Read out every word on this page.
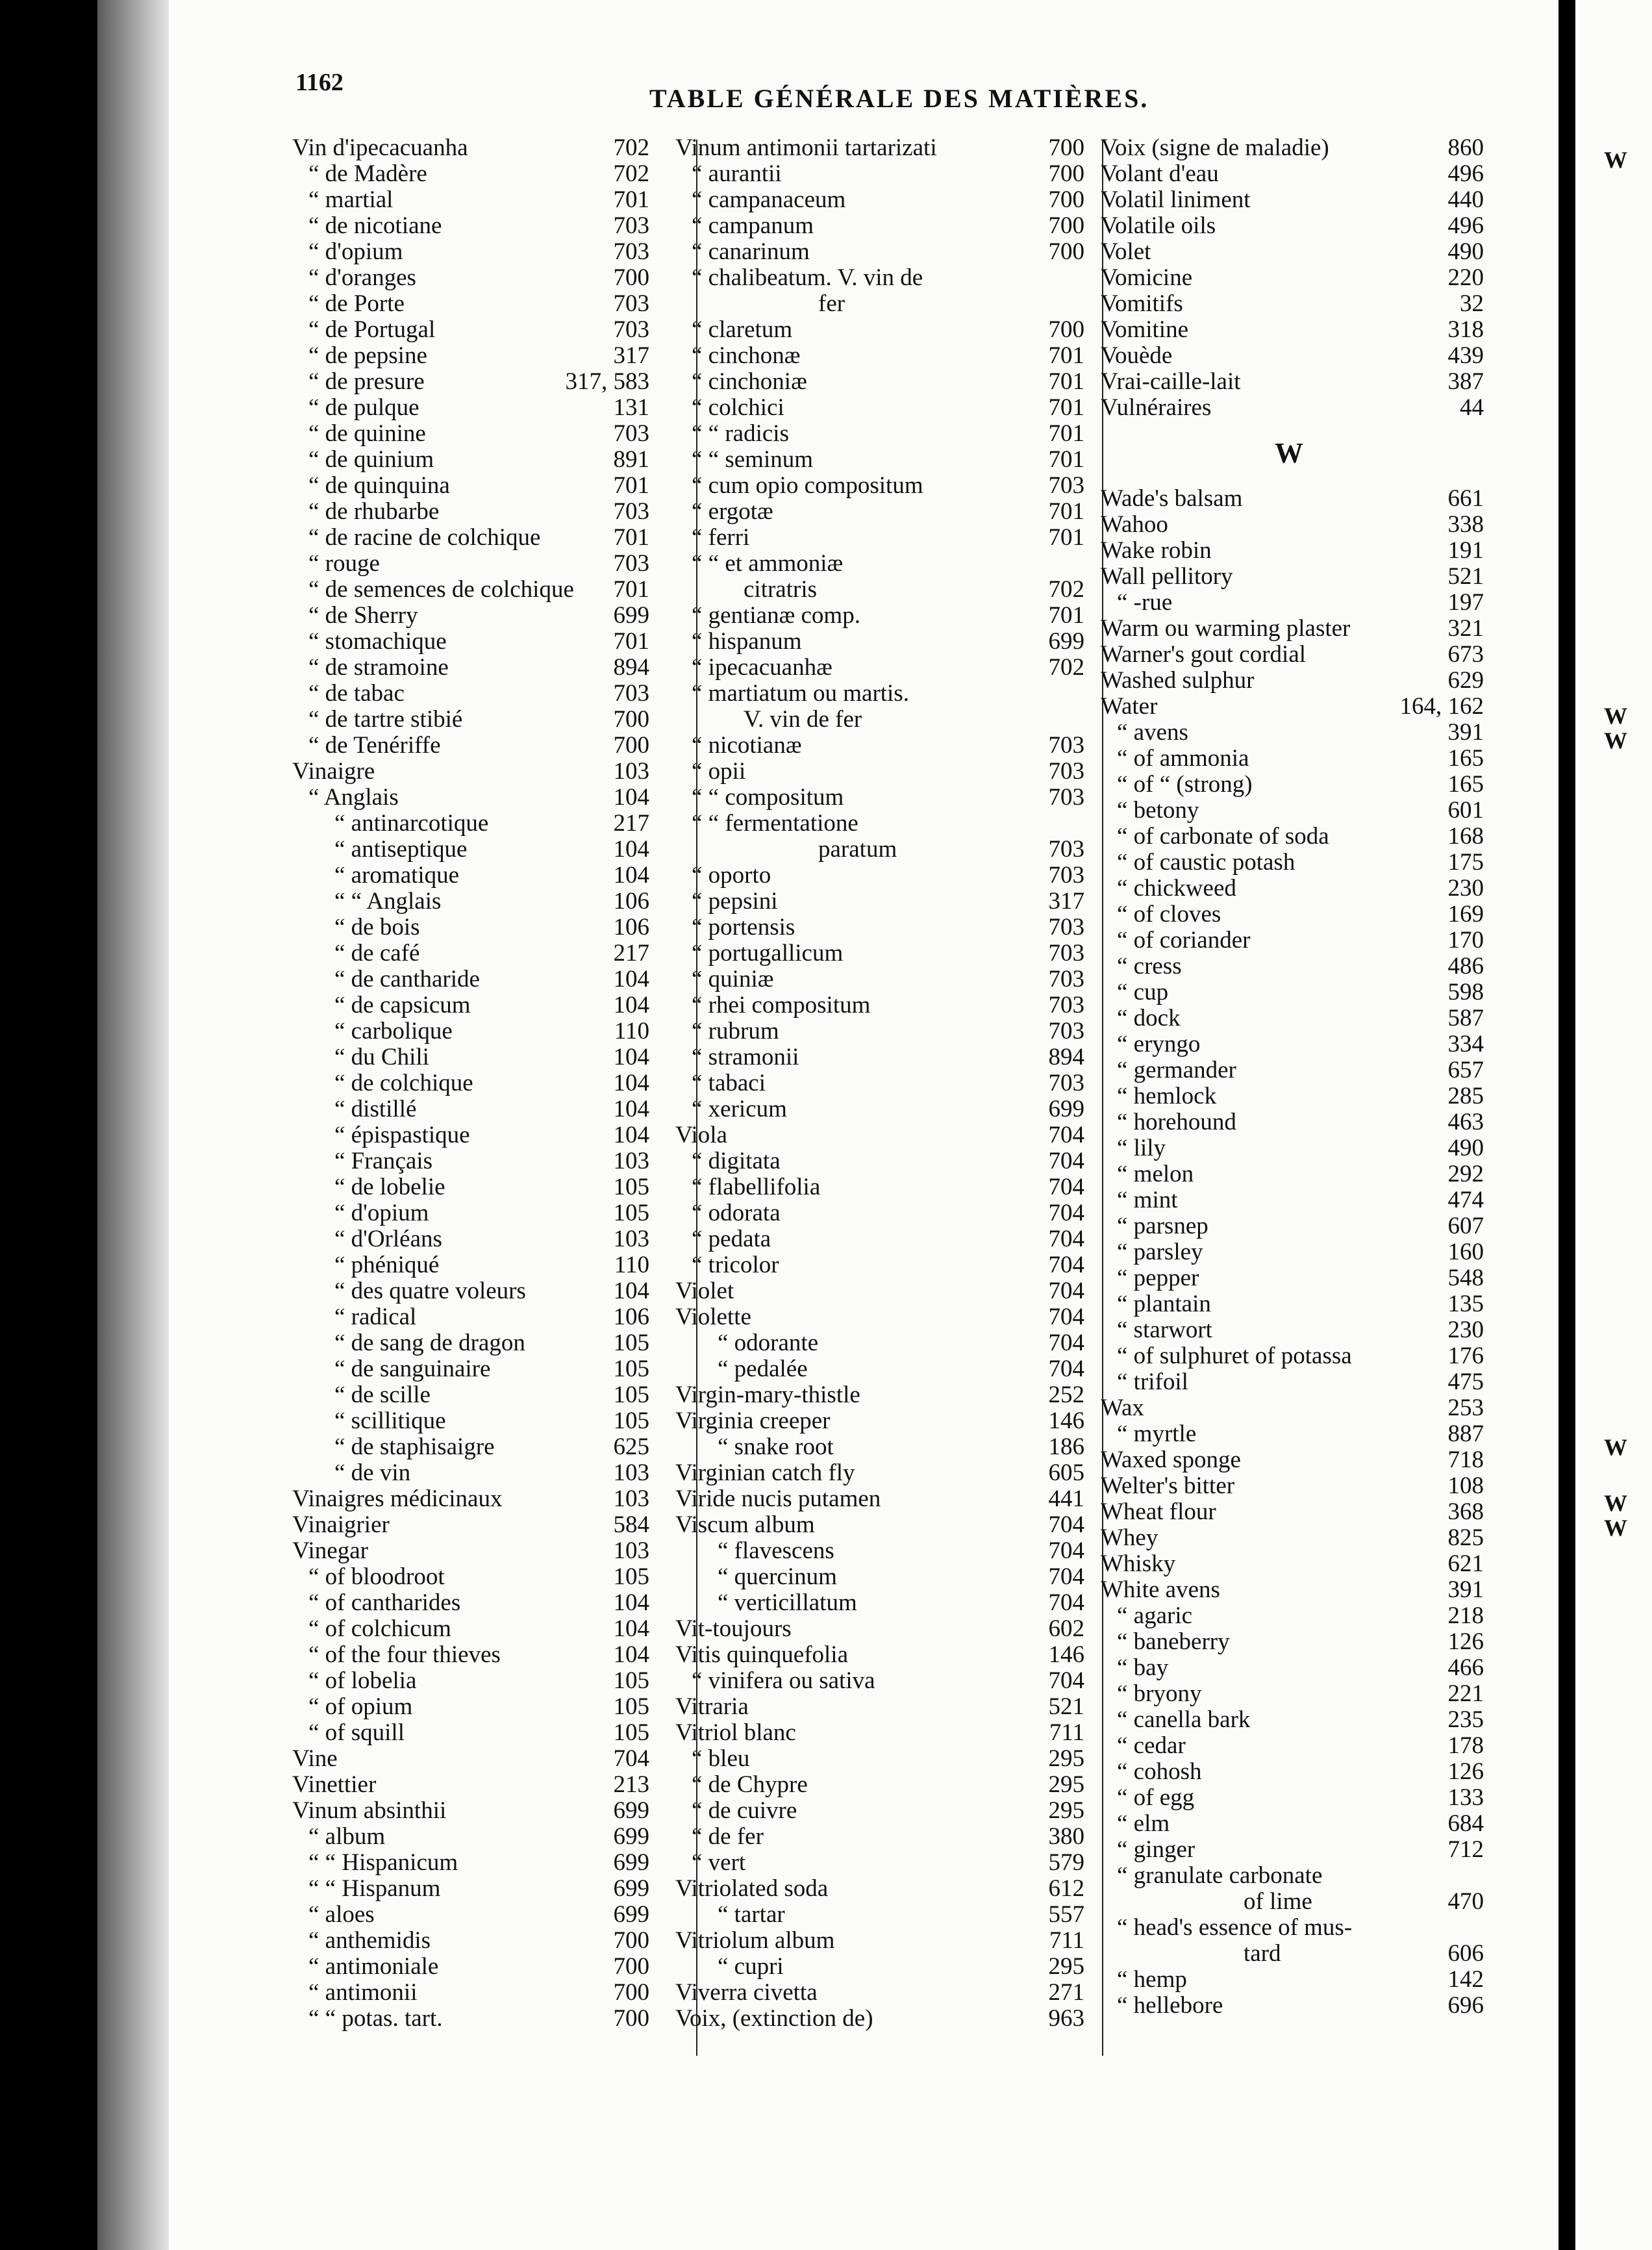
1162
TABLE GÉNÉRALE DES MATIÈRES.
Vin d'ipecacuanha	702
“ de Madère	702
“ martial	701
“ de nicotiane	703
“ d'opium	703
“ d'oranges	700
“ de Porte	703
“ de Portugal	703
“ de pepsine	317
“ de presure	317, 583
“ de pulque	131
“ de quinine	703
“ de quinium	891
“ de quinquina	701
“ de rhubarbe	703
“ de racine de colchique	701
“ rouge	703
“ de semences de colchique 701
“ de Sherry	699
“ stomachique	701
“ de stramoine	894
“ de tabac	703
“ de tartre stibié	700
“ de Tenériffe	700
Vinaigre	103
“ Anglais	104
“ antinarcotique	217
“ antiseptique	104
“ aromatique	104
“ “ Anglais	106
“ de bois	106
“ de café	217
“ de cantharide	104
“ de capsicum	104
“ carbolique	110
“ du Chili	104
“ de colchique	104
“ distillé	104
“ épispastique	104
“ Français	103
“ de lobelie	105
“ d'opium	105
“ d'Orléans	103
“ phéniqué	110
“ des quatre voleurs	104
“ radical	106
“ de sang de dragon	105
“ de sanguinaire	105
“ de scille	105
“ scillitique	105
“ de staphisaigre	625
“ de vin	103
Vinaigres médicinaux	103
Vinaigrier	584
Vinegar	103
“ of bloodroot	105
“ of cantharides	104
“ of colchicum	104
“ of the four thieves	104
“ of lobelia	105
“ of opium	105
“ of squill	105
Vine	704
Vinettier	213
Vinum absinthii	699
“ album	699
“ “ Hispanicum	699
“ “ Hispanum	699
“ aloes	699
“ anthemidis	700
“ antimoniale	700
“ antimonii	700
“ “ potas. tart.	700
Vinum antimonii tartarizati	700
“ aurantii	700
“ campanaceum	700
“ campanum	700
“ canarinum	700
“ chalibeatum. V. vin de
fer
“ claretum	700
“ cinchonæ	701
“ cinchoniæ	701
“ colchici	701
“ “ radicis	701
“ “ seminum	701
“ cum opio compositum	703
“ ergotæ	701
“ ferri	701
“ “ et ammoniæ
citratris	702
“ gentianæ comp.	701
“ hispanum	699
“ ipecacuanhæ	702
“ martiatum ou martis.
V. vin de fer
“ nicotianæ	703
“ opii	703
“ “ compositum	703
“ “ fermentatione
paratum	703
“ oporto	703
“ pepsini	317
“ portensis	703
“ portugallicum	703
“ quiniæ	703
“ rhei compositum	703
“ rubrum	703
“ stramonii	894
“ tabaci	703
“ xericum	699
Viola	704
“ digitata	704
“ flabellifolia	704
“ odorata	704
“ pedata	704
“ tricolor	704
Violet	704
Violette	704
“ odorante	704
“ pedalée	704
Virgin-mary-thistle	252
Virginia creeper	146
“ snake root	186
Virginian catch fly	605
Viride nucis putamen	441
Viscum album	704
“ flavescens	704
“ quercinum	704
“ verticillatum	704
Vit-toujours	602
Vitis quinquefolia	146
“ vinifera ou sativa	704
Vitraria	521
Vitriol blanc	711
“ bleu	295
“ de Chypre	295
“ de cuivre	295
“ de fer	380
“ vert	579
Vitriolated soda	612
“ tartar	557
Vitriolum album	711
“ cupri	295
Viverra civetta	271
Voix, (extinction de)	963
Voix (signe de maladie)	860
Volant d'eau	496
Volatil liniment	440
Volatile oils	496
Volet	490
Vomicine	220
Vomitifs	32
Vomitine	318
Vouède	439
Vrai-caille-lait	387
Vulnéraires	44
W
Wade's balsam	661
Wahoo	338
Wake robin	191
Wall pellitory	521
“ -rue	197
Warm ou warming plaster	321
Warner's gout cordial	673
Washed sulphur	629
Water	164, 162
“ avens	391
“ of ammonia	165
“ of “ (strong)	165
“ betony	601
“ of carbonate of soda	168
“ of caustic potash	175
“ chickweed	230
“ of cloves	169
“ of coriander	170
“ cress	486
“ cup	598
“ dock	587
“ eryngo	334
“ germander	657
“ hemlock	285
“ horehound	463
“ lily	490
“ melon	292
“ mint	474
“ parsnep	607
“ parsley	160
“ pepper	548
“ plantain	135
“ starwort	230
“ of sulphuret of potassa	176
“ trifoil	475
Wax	253
“ myrtle	887
Waxed sponge	718
Welter's bitter	108
Wheat flour	368
Whey	825
Whisky	621
White avens	391
“ agaric	218
“ baneberry	126
“ bay	466
“ bryony	221
“ canella bark	235
“ cedar	178
“ cohosh	126
“ of egg	133
“ elm	684
“ ginger	712
“ granulate carbonate
of lime	470
“ head's essence of mus-
tard	606
“ hemp	142
“ hellebore	696
W
W
W
W
W
W
